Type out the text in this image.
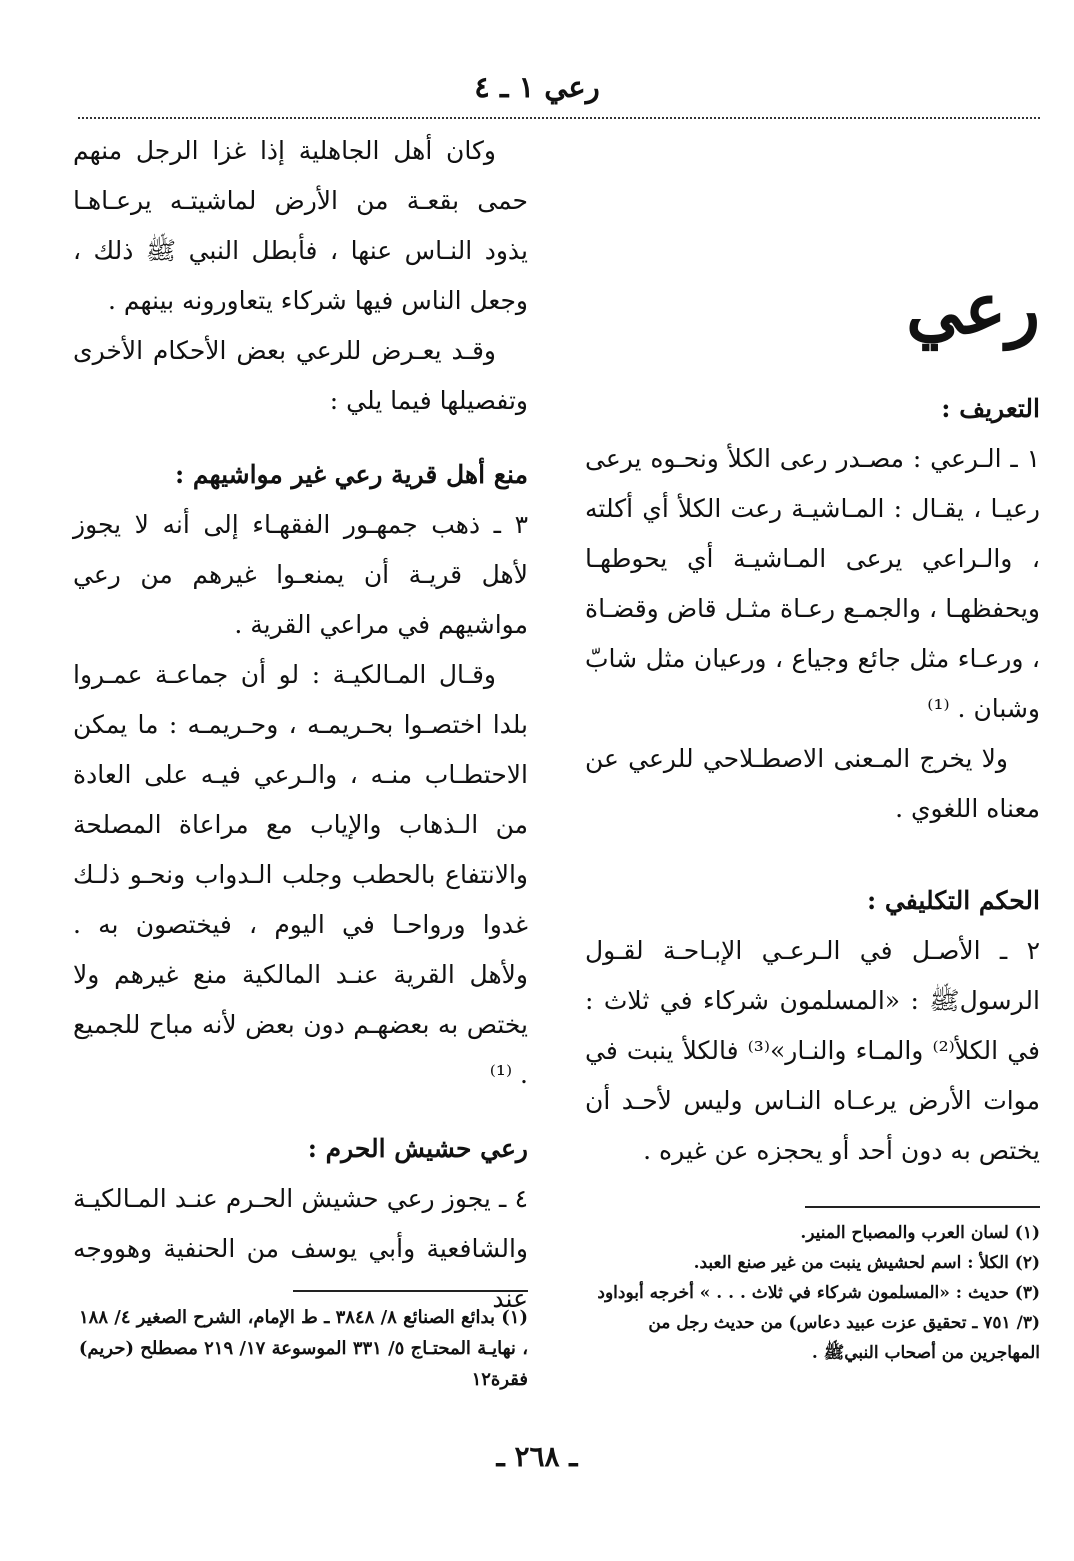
رعي ١ ـ ٤
رعي

التعريف :

١ ـ الـرعي : مصـدر رعى الكلأ ونحـوه يرعى رعيـا ، يقـال : المـاشيـة رعت الكلأ أي أكلته ، والـراعي يرعى المـاشيـة أي يحوطهـا ويحفظهـا ، والجمـع رعـاة مثـل قاض وقضـاة ، ورعـاء مثل جائع وجياع ، ورعيان مثل شابّ وشبان . ⁽¹⁾

ولا يخرج المـعنى الاصطـلاحي للرعي عن معناه اللغوي .

الحكم التكليفي :

٢ ـ الأصـل في الـرعـي الإبـاحـة لقـول الرسولﷺ : «المسلمون شركاء في ثلاث : في الكلأ⁽²⁾ والمـاء والنـار»⁽³⁾ فالكلأ ينبت في موات الأرض يرعـاه النـاس وليس لأحـد أن يختص به دون أحد أو يحجزه عن غيره .

وكان أهل الجاهلية إذا غزا الرجل منهم حمى بقعـة من الأرض لماشيتـه يرعـاهـا يذود النـاس عنها ، فأبطل النبي ﷺ ذلك ، وجعل الناس فيها شركاء يتعاورونه بينهم .

وقـد يعـرض للرعي بعض الأحكام الأخرى وتفصيلها فيما يلي :

منع أهل قرية رعي غير مواشيهم :

٣ ـ ذهب جمهـور الفقهـاء إلى أنه لا يجوز لأهل قريـة أن يمنعـوا غيرهم من رعي مواشيهم في مراعي القرية .

وقـال المـالكيـة : لو أن جماعـة عمـروا بلدا اختصـوا بحـريمـه ، وحـريمـه : ما يمكن الاحتطـاب منـه ، والـرعي فيـه على العادة من الـذهاب والإياب مع مراعاة المصلحة والانتفاع بالحطب وجلب الـدواب ونحـو ذلـك غدوا ورواحـا في اليوم ، فيختصون به . ولأهل القرية عنـد المالكية منع غيرهم ولا يختص به بعضهـم دون بعض لأنه مباح للجميع . ⁽¹⁾

رعي حشيش الحرم :

٤ ـ يجوز رعي حشيش الحـرم عنـد المـالكيـة والشافعية وأبي يوسف من الحنفية وهووجه عند

(١) لسان العرب والمصباح المنير.

(٢) الكلأ : اسم لحشيش ينبت من غير صنع العبد.

(٣) حديث : «المسلمون شركاء في ثلاث . . . » أخرجه أبوداود (٣/ ٧٥١ ـ تحقيق عزت عبيد دعاس) من حديث رجل من المهاجرين من أصحاب النبيﷺ .

(١) بدائع الصنائع ٨/ ٣٨٤٨ ـ ط الإمام، الشرح الصغير ٤/ ١٨٨ ، نهايـة المحتـاج ٥/ ٣٣١ الموسوعة ١٧/ ٢١٩ مصطلح (حريم) فقرة١٢

ـ ٢٦٨ ـ
